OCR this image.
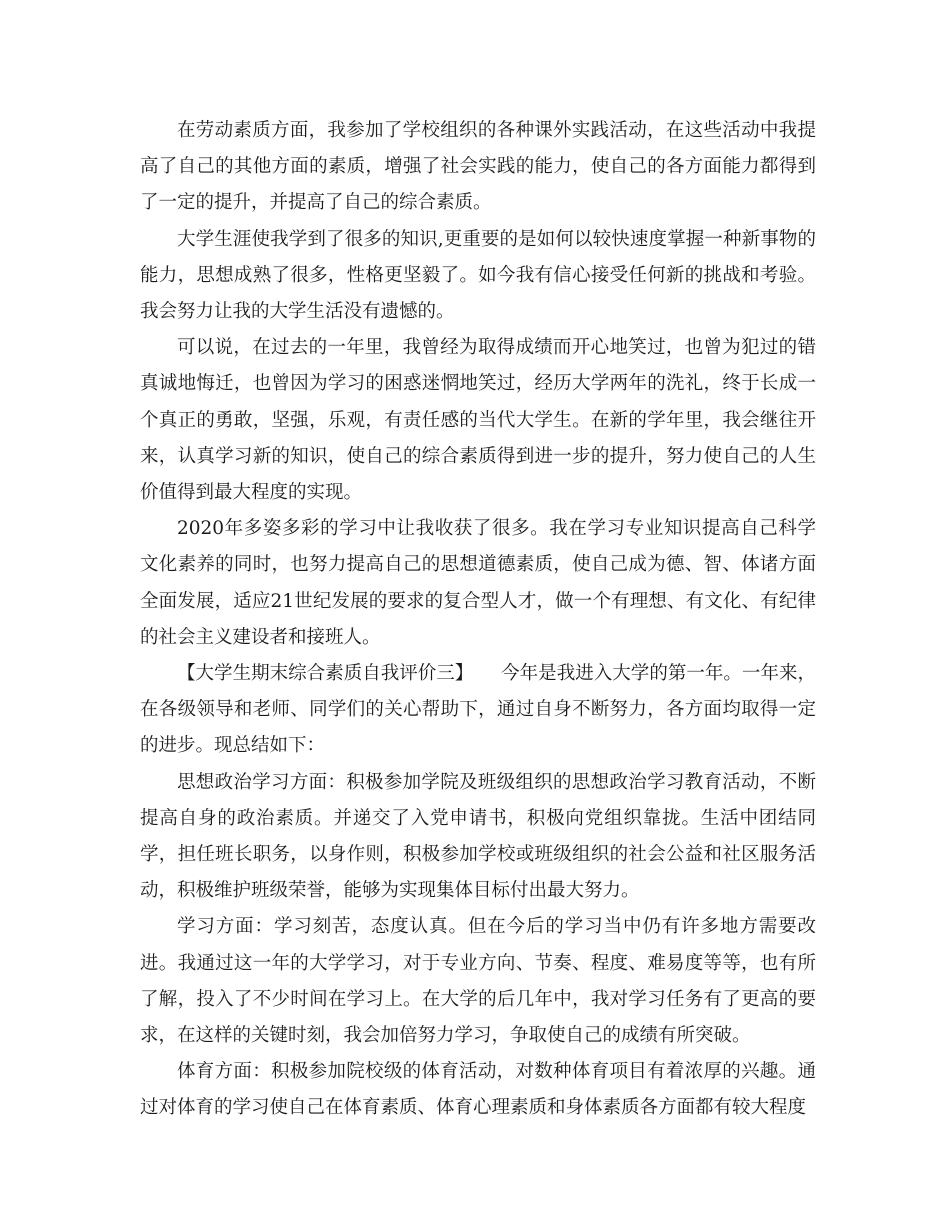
在劳动素质方面，我参加了学校组织的各种课外实践活动，在这些活动中我提高了自己的其他方面的素质，增强了社会实践的能力，使自己的各方面能力都得到了一定的提升，并提高了自己的综合素质。

大学生涯使我学到了很多的知识,更重要的是如何以较快速度掌握一种新事物的能力，思想成熟了很多，性格更坚毅了。如今我有信心接受任何新的挑战和考验。我会努力让我的大学生活没有遗憾的。

可以说，在过去的一年里，我曾经为取得成绩而开心地笑过，也曾为犯过的错真诚地悔迁，也曾因为学习的困惑迷惘地笑过，经历大学两年的洗礼，终于长成一个真正的勇敢，坚强，乐观，有责任感的当代大学生。在新的学年里，我会继往开来，认真学习新的知识，使自己的综合素质得到进一步的提升，努力使自己的人生价值得到最大程度的实现。

2020年多姿多彩的学习中让我收获了很多。我在学习专业知识提高自己科学文化素养的同时，也努力提高自己的思想道德素质，使自己成为德、智、体诸方面全面发展，适应21世纪发展的要求的复合型人才，做一个有理想、有文化、有纪律的社会主义建设者和接班人。

【大学生期末综合素质自我评价三】　　今年是我进入大学的第一年。一年来，在各级领导和老师、同学们的关心帮助下，通过自身不断努力，各方面均取得一定的进步。现总结如下：

思想政治学习方面：积极参加学院及班级组织的思想政治学习教育活动，不断提高自身的政治素质。并递交了入党申请书，积极向党组织靠拢。生活中团结同学，担任班长职务，以身作则，积极参加学校或班级组织的社会公益和社区服务活动，积极维护班级荣誉，能够为实现集体目标付出最大努力。

学习方面：学习刻苦，态度认真。但在今后的学习当中仍有许多地方需要改进。我通过这一年的大学学习，对于专业方向、节奏、程度、难易度等等，也有所了解，投入了不少时间在学习上。在大学的后几年中，我对学习任务有了更高的要求，在这样的关键时刻，我会加倍努力学习，争取使自己的成绩有所突破。

体育方面：积极参加院校级的体育活动，对数种体育项目有着浓厚的兴趣。通过对体育的学习使自己在体育素质、体育心理素质和身体素质各方面都有较大程度
